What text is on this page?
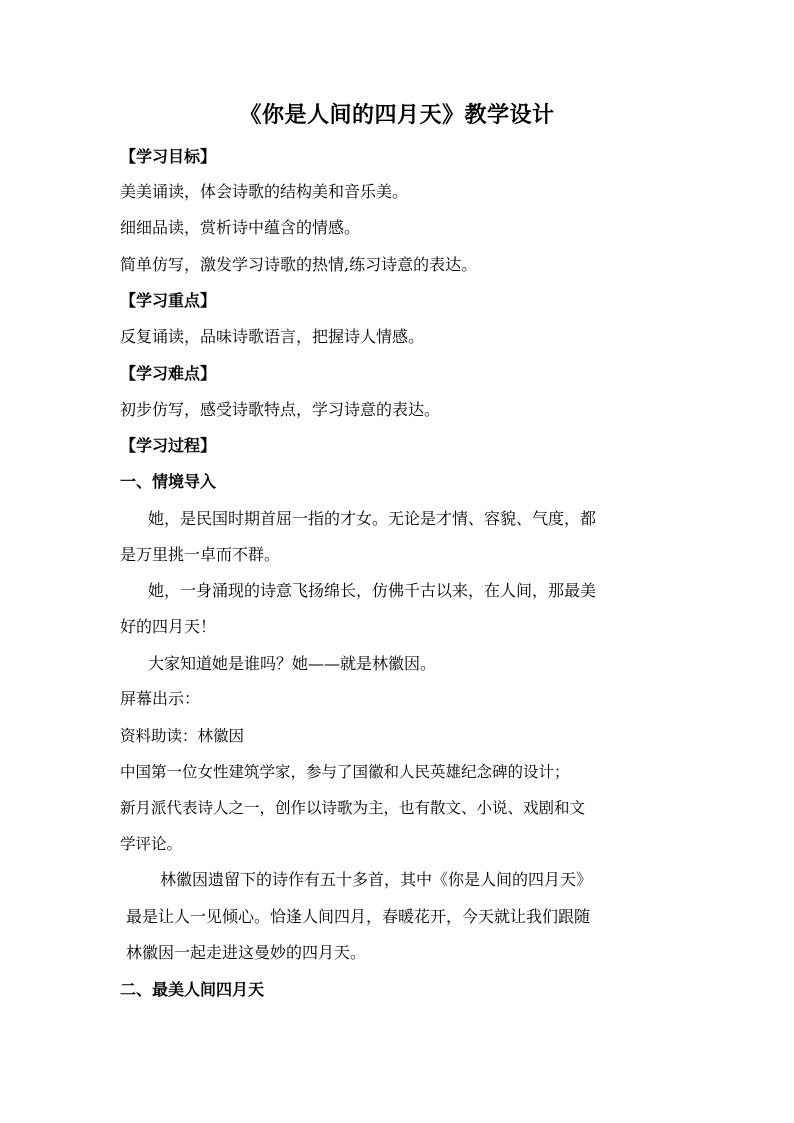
《你是人间的四月天》教学设计
【学习目标】
美美诵读，体会诗歌的结构美和音乐美。
细细品读，赏析诗中蕴含的情感。
简单仿写，激发学习诗歌的热情,练习诗意的表达。
【学习重点】
反复诵读，品味诗歌语言，把握诗人情感。
【学习难点】
初步仿写，感受诗歌特点，学习诗意的表达。
【学习过程】
一、情境导入
她，是民国时期首屈一指的才女。无论是才情、容貌、气度，都
是万里挑一卓而不群。
她，一身涌现的诗意飞扬绵长，仿佛千古以来，在人间，那最美
好的四月天！
大家知道她是谁吗？她——就是林徽因。
屏幕出示：
资料助读：林徽因
中国第一位女性建筑学家，参与了国徽和人民英雄纪念碑的设计；
新月派代表诗人之一，创作以诗歌为主，也有散文、小说、戏剧和文
学评论。
林徽因遗留下的诗作有五十多首，其中《你是人间的四月天》
最是让人一见倾心。恰逢人间四月，春暖花开，今天就让我们跟随
林徽因一起走进这曼妙的四月天。
二、最美人间四月天
